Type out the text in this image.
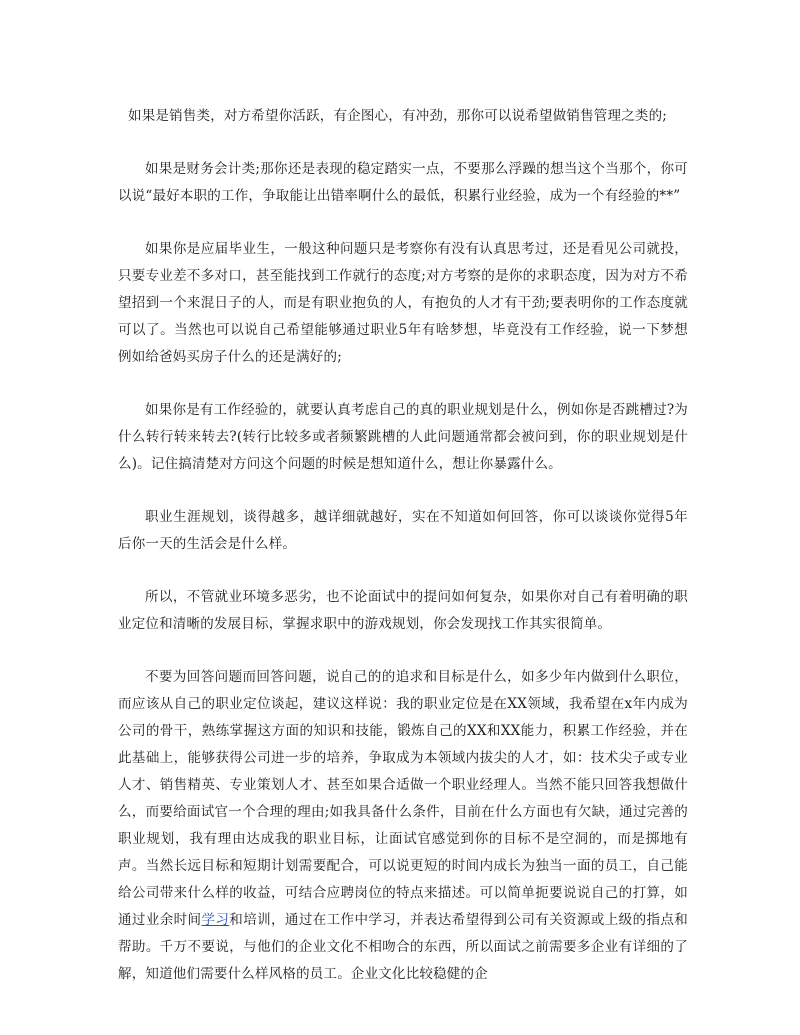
如果是销售类，对方希望你活跃，有企图心，有冲劲，那你可以说希望做销售管理之类的;

如果是财务会计类;那你还是表现的稳定踏实一点，不要那么浮躁的想当这个当那个，你可以说“最好本职的工作，争取能让出错率啊什么的最低，积累行业经验，成为一个有经验的**”

如果你是应届毕业生，一般这种问题只是考察你有没有认真思考过，还是看见公司就投，只要专业差不多对口，甚至能找到工作就行的态度;对方考察的是你的求职态度，因为对方不希望招到一个来混日子的人，而是有职业抱负的人，有抱负的人才有干劲;要表明你的工作态度就可以了。当然也可以说自己希望能够通过职业5年有啥梦想，毕竟没有工作经验，说一下梦想例如给爸妈买房子什么的还是满好的;

如果你是有工作经验的，就要认真考虑自己的真的职业规划是什么，例如你是否跳槽过?为什么转行转来转去?(转行比较多或者频繁跳槽的人此问题通常都会被问到，你的职业规划是什么)。记住搞清楚对方问这个问题的时候是想知道什么，想让你暴露什么。

职业生涯规划，谈得越多，越详细就越好，实在不知道如何回答，你可以谈谈你觉得5年后你一天的生活会是什么样。

所以，不管就业环境多恶劣，也不论面试中的提问如何复杂，如果你对自己有着明确的职业定位和清晰的发展目标，掌握求职中的游戏规划，你会发现找工作其实很简单。

不要为回答问题而回答问题，说自己的的追求和目标是什么，如多少年内做到什么职位，而应该从自己的职业定位谈起，建议这样说：我的职业定位是在XX领域，我希望在x年内成为公司的骨干，熟练掌握这方面的知识和技能，锻炼自己的XX和XX能力，积累工作经验，并在此基础上，能够获得公司进一步的培养，争取成为本领域内拔尖的人才，如：技术尖子或专业人才、销售精英、专业策划人才、甚至如果合适做一个职业经理人。当然不能只回答我想做什么，而要给面试官一个合理的理由;如我具备什么条件，目前在什么方面也有欠缺，通过完善的职业规划，我有理由达成我的职业目标，让面试官感觉到你的目标不是空洞的，而是掷地有声。当然长远目标和短期计划需要配合，可以说更短的时间内成长为独当一面的员工，自己能给公司带来什么样的收益，可结合应聘岗位的特点来描述。可以简单扼要说说自己的打算，如通过业余时间学习和培训，通过在工作中学习，并表达希望得到公司有关资源或上级的指点和帮助。千万不要说，与他们的企业文化不相吻合的东西，所以面试之前需要多企业有详细的了解，知道他们需要什么样风格的员工。企业文化比较稳健的企
